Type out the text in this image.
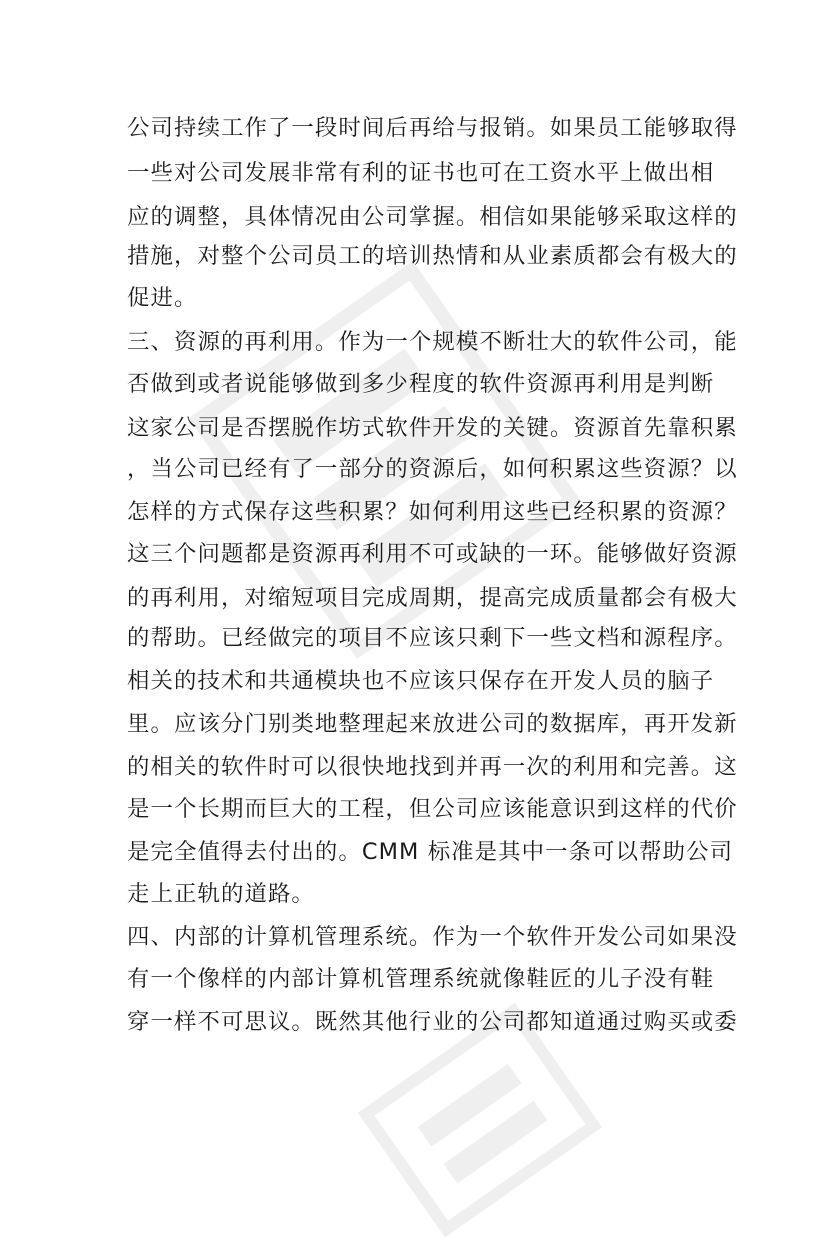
公司持续工作了一段时间后再给与报销。如果员工能够取得
一些对公司发展非常有利的证书也可在工资水平上做出相
应的调整，具体情况由公司掌握。相信如果能够采取这样的
措施，对整个公司员工的培训热情和从业素质都会有极大的
促进。
三、资源的再利用。作为一个规模不断壮大的软件公司，能
否做到或者说能够做到多少程度的软件资源再利用是判断
这家公司是否摆脱作坊式软件开发的关键。资源首先靠积累
，当公司已经有了一部分的资源后，如何积累这些资源？以
怎样的方式保存这些积累？如何利用这些已经积累的资源？
这三个问题都是资源再利用不可或缺的一环。能够做好资源
的再利用，对缩短项目完成周期，提高完成质量都会有极大
的帮助。已经做完的项目不应该只剩下一些文档和源程序。
相关的技术和共通模块也不应该只保存在开发人员的脑子
里。应该分门别类地整理起来放进公司的数据库，再开发新
的相关的软件时可以很快地找到并再一次的利用和完善。这
是一个长期而巨大的工程，但公司应该能意识到这样的代价
是完全值得去付出的。CMM 标准是其中一条可以帮助公司
走上正轨的道路。
四、内部的计算机管理系统。作为一个软件开发公司如果没
有一个像样的内部计算机管理系统就像鞋匠的儿子没有鞋
穿一样不可思议。既然其他行业的公司都知道通过购买或委
